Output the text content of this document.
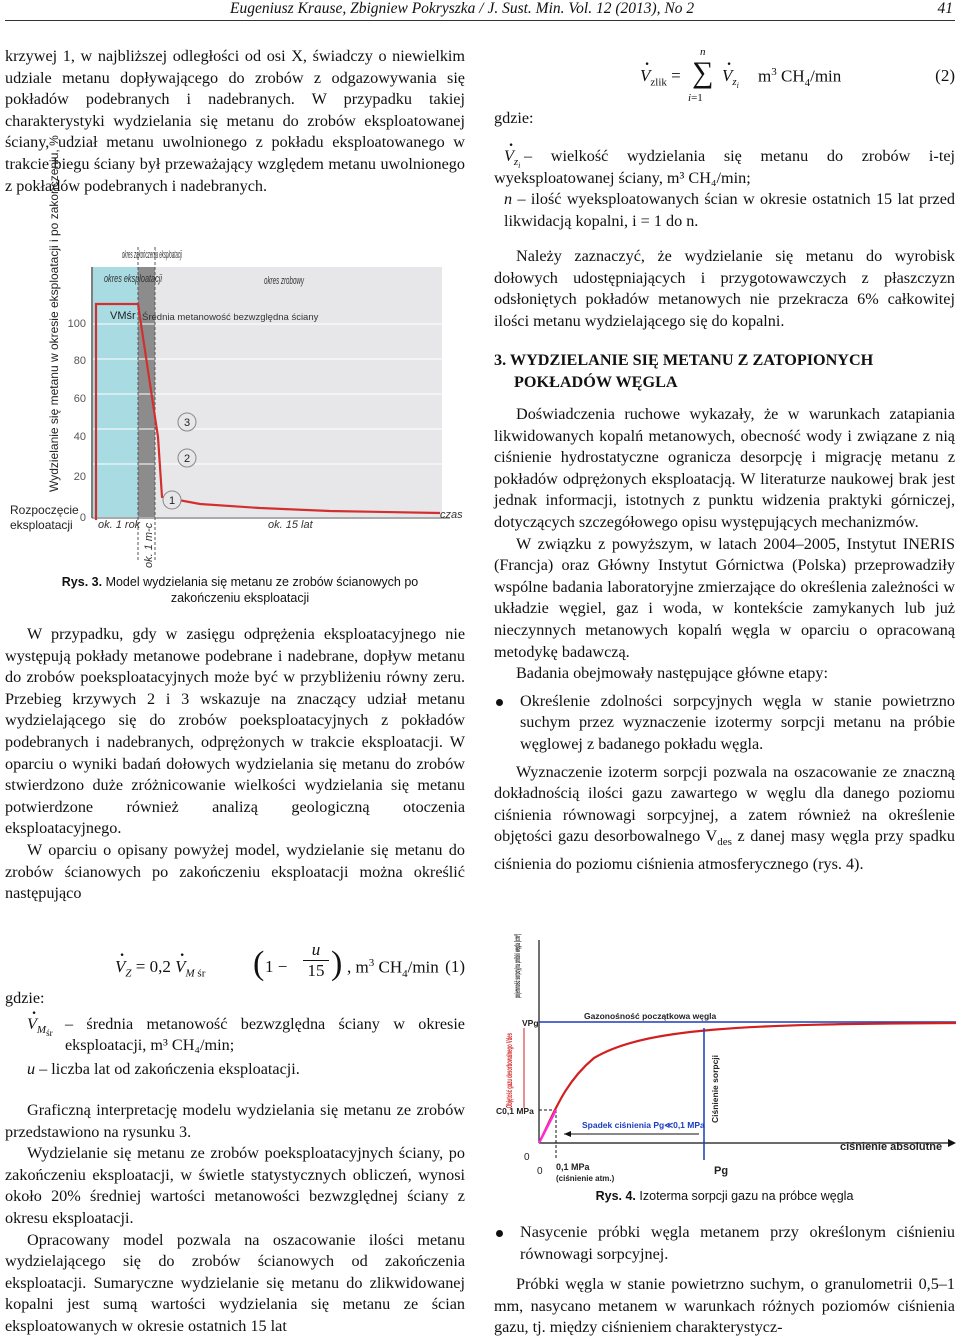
Eugeniusz Krause, Zbigniew Pokryszka / J. Sust. Min. Vol. 12 (2013), No 2	41

krzywej 1, w najbliższej odległości od osi X, świadczy o niewielkim udziale metanu dopływającego do zrobów z odgazowywania się pokładów podebranych i nadebranych. W przypadku takiej charakterystyki wydzielania się metanu do zrobów eksploatowanej ściany, udział metanu uwolnionego z pokładu eksploatowanego w trakcie biegu ściany był przeważający względem metanu uwolnionego z pokładów podebranych i nadebranych.

Wydzielanie się metanu w okresie eksploatacji i po zakończeniu, %
0
20
40
60
80
100
okres zakończenia eksploatacji
okres eksploatacji	okres zrobowy
czas
ok. 1 rok	ok. 15 lat
ok. 1 m-c
VMśr Średnia metanowość bezwzględna ściany
3
2
1
Rozpoczęcie eksploatacji
Rys. 3. Model wydzielania się metanu ze zrobów ścianowych po zakończeniu eksploatacji

W przypadku, gdy w zasięgu odprężenia eksploatacyjnego nie występują pokłady metanowe podebrane i nadebrane, dopływ metanu do zrobów poeksploatacyjnych może być w przybliżeniu równy zeru. Przebieg krzywych 2 i 3 wskazuje na znaczący udział metanu wydzielającego się do zrobów poeksploatacyjnych z pokładów podebranych i nadebranych, odprężonych w trakcie eksploatacji. W oparciu o wyniki badań dołowych wydzielania się metanu do zrobów stwierdzono duże zróżnicowanie wielkości wydzielania się metanu potwierdzone również analizą geologiczną otoczenia eksploatacyjnego.

W oparciu o opisany powyżej model, wydzielanie się metanu do zrobów ścianowych po zakończeniu eksploatacji można określić następująco

· $V_Z = 0,2 \cdot V_{M śr}$ ( 1 −
u

15 ) , $m^3$ $CH_4/\min$ (1)

gdzie:

· $V_{M_{śr}}$
– średnia metanowość bezwzględna ściany w okresie eksploatacji, m³ CH₄/min;

u – liczba lat od zakończenia eksploatacji.

Graficzną interpretację modelu wydzielania się metanu ze zrobów przedstawiono na rysunku 3.

Wydzielanie się metanu ze zrobów poeksploatacyjnych ściany, po zakończeniu eksploatacji, w świetle statystycznych obliczeń, wynosi około 20% średniej wartości metanowości bezwzględnej ściany z okresu eksploatacji.

Opracowany model pozwala na oszacowanie ilości metanu wydzielającego się do zrobów ścianowych od zakończenia eksploatacji. Sumaryczne wydzielanie się metanu do zlikwidowanej kopalni jest sumą wartości wydzielania się metanu ze ścian eksploatowanych w okresie ostatnich 15 lat

· $V_{zlik}$ =
n
∑
i=1
· $V_{z_i}$
$m^3$ $CH_4/\min$	(2)

gdzie:

· $V_{z_i}$
– wielkość wydzielania się metanu do zrobów i-tej wyeksploatowanej ściany, m³ CH₄/min;

n – ilość wyeksploatowanych ścian w okresie ostatnich 15 lat przed likwidacją kopalni, i = 1 do n.

Należy zaznaczyć, że wydzielanie się metanu do wyrobisk dołowych udostępniających i przygotowawczych z płaszczyzn odsłoniętych pokładów metanowych nie przekracza 6% całkowitej ilości metanu wydzielającego się do kopalni.

3. WYDZIELANIE SIĘ METANU Z ZATOPIONYCH POKŁADÓW WĘGLA

Doświadczenia ruchowe wykazały, że w warunkach zatapiania likwidowanych kopalń metanowych, obecność wody i związane z nią ciśnienie hydrostatyczne ogranicza desorpcję i migrację metanu z pokładów odprężonych eksploatacją. W literaturze naukowej brak jest jednak informacji, istotnych z punktu widzenia praktyki górniczej, dotyczących szczegółowego opisu występujących mechanizmów.

W związku z powyższym, w latach 2004–2005, Instytut INERIS (Francja) oraz Główny Instytut Górnictwa (Polska) przeprowadziły wspólne badania laboratoryjne zmierzające do określenia zależności w układzie węgiel, gaz i woda, w kontekście zamykanych lub już nieczynnych metanowych kopalń węgla w oparciu o opracowaną metodykę badawczą.

Badania obejmowały następujące główne etapy:

Określenie zdolności sorpcyjnych węgla w stanie powietrzno suchym przez wyznaczenie izotermy sorpcji metanu na próbie węglowej z badanego pokładu węgla.

Wyznaczenie izoterm sorpcji pozwala na oszacowanie ze znaczną dokładnością ilości gazu zawartego w węglu dla danego poziomu ciśnienia równowagi sorpcyjnej, a zatem również na określenie objętości gazu desorbowalnego $V_{des}$ z danej masy węgla przy spadku ciśnienia do poziomu ciśnienia atmosferycznego (rys. 4).

pojemność sorpcyjna próbki węgla (cm³)
VPg
Gazonośność początkowa węgla
C0,1 MPa	Ciśnienie sorpcji
Spadek ciśnienia Pg≪0,1 MPa
0,1 MPa
(ciśnienie atm.)
Objętość gazu desorbowalnego Vdes
0
0
ciśnienie absolutne
Pg
Rys. 4. Izoterma sorpcji gazu na próbce węgla

Nasycenie próbki węgla metanem przy określonym ciśnieniu równowagi sorpcyjnej.

Próbki węgla w stanie powietrzno suchym, o granulometrii 0,5–1 mm, nasycano metanem w warunkach różnych poziomów ciśnienia gazu, tj. między ciśnieniem charakterystycz-
